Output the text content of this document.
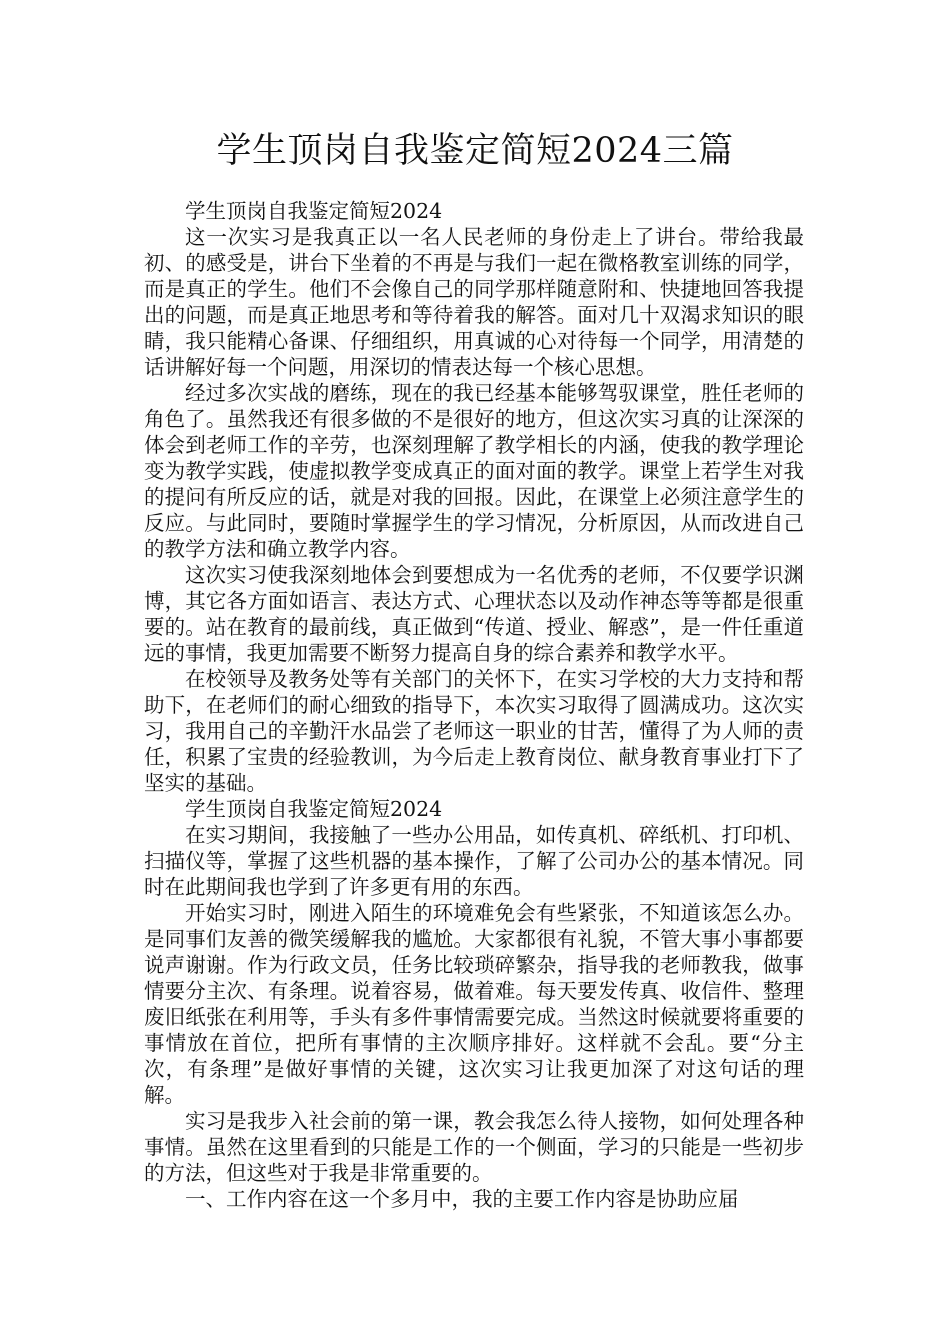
学生顶岗自我鉴定简短2024三篇

学生顶岗自我鉴定简短2024

这一次实习是我真正以一名人民老师的身份走上了讲台。带给我最初、的感受是，讲台下坐着的不再是与我们一起在微格教室训练的同学，而是真正的学生。他们不会像自己的同学那样随意附和、快捷地回答我提出的问题，而是真正地思考和等待着我的解答。面对几十双渴求知识的眼睛，我只能精心备课、仔细组织，用真诚的心对待每一个同学，用清楚的话讲解好每一个问题，用深切的情表达每一个核心思想。

经过多次实战的磨练，现在的我已经基本能够驾驭课堂，胜任老师的角色了。虽然我还有很多做的不是很好的地方，但这次实习真的让深深的体会到老师工作的辛劳，也深刻理解了教学相长的内涵，使我的教学理论变为教学实践，使虚拟教学变成真正的面对面的教学。课堂上若学生对我的提问有所反应的话，就是对我的回报。因此，在课堂上必须注意学生的反应。与此同时，要随时掌握学生的学习情况，分析原因，从而改进自己的教学方法和确立教学内容。

这次实习使我深刻地体会到要想成为一名优秀的老师，不仅要学识渊博，其它各方面如语言、表达方式、心理状态以及动作神态等等都是很重要的。站在教育的最前线，真正做到“传道、授业、解惑”，是一件任重道远的事情，我更加需要不断努力提高自身的综合素养和教学水平。

在校领导及教务处等有关部门的关怀下，在实习学校的大力支持和帮助下，在老师们的耐心细致的指导下，本次实习取得了圆满成功。这次实习，我用自己的辛勤汗水品尝了老师这一职业的甘苦，懂得了为人师的责任，积累了宝贵的经验教训，为今后走上教育岗位、献身教育事业打下了坚实的基础。

学生顶岗自我鉴定简短2024

在实习期间，我接触了一些办公用品，如传真机、碎纸机、打印机、扫描仪等，掌握了这些机器的基本操作，了解了公司办公的基本情况。同时在此期间我也学到了许多更有用的东西。

开始实习时，刚进入陌生的环境难免会有些紧张，不知道该怎么办。是同事们友善的微笑缓解我的尴尬。大家都很有礼貌，不管大事小事都要说声谢谢。作为行政文员，任务比较琐碎繁杂，指导我的老师教我，做事情要分主次、有条理。说着容易，做着难。每天要发传真、收信件、整理废旧纸张在利用等，手头有多件事情需要完成。当然这时候就要将重要的事情放在首位，把所有事情的主次顺序排好。这样就不会乱。要“分主次，有条理”是做好事情的关键，这次实习让我更加深了对这句话的理解。

实习是我步入社会前的第一课，教会我怎么待人接物，如何处理各种事情。虽然在这里看到的只能是工作的一个侧面，学习的只能是一些初步的方法，但这些对于我是非常重要的。

一、工作内容在这一个多月中，我的主要工作内容是协助应届
